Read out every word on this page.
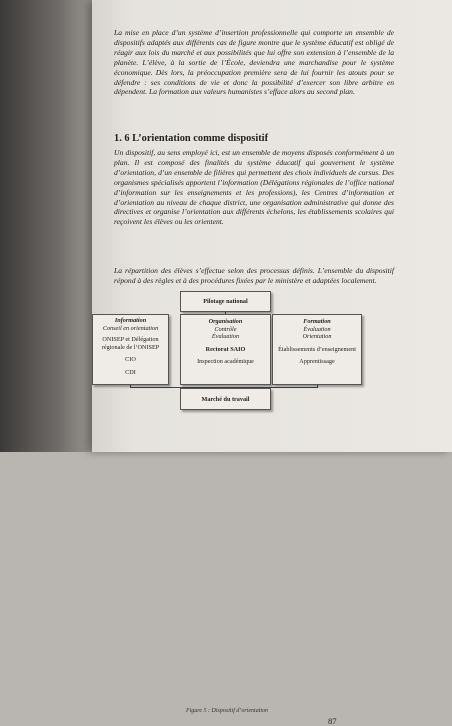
La mise en place d’un système d’insertion professionnelle qui comporte un ensemble de dispositifs adaptés aux différents cas de figure montre que le système éducatif est obligé de réagir aux lois du marché et aux possibilités que lui offre son extension à l’ensemble de la planète. L’élève, à la sortie de l’École, deviendra une marchandise pour le système économique. Dès lors, la préoccupation première sera de lui fournir les atouts pour se défendre : ses conditions de vie et donc la possibilité d’exercer son libre arbitre en dépendent. La formation aux valeurs humanistes s’efface alors au second plan.
1. 6 L’orientation comme dispositif
Un dispositif, au sens employé ici, est un ensemble de moyens disposés conformément à un plan. Il est composé des finalités du système éducatif qui gouvernent le système d’orientation, d’un ensemble de filières qui permettent des choix individuels de cursus. Des organismes spécialisés apportent l’information (Délégations régionales de l’office national d’information sur les enseignements et les professions), les Centres d’information et d’orientation au niveau de chaque district, une organisation administrative qui donne des directives et organise l’orientation aux différents échelons, les établissements scolaires qui reçoivent les élèves ou les orientent.
La répartition des élèves s’effectue selon des processus définis. L’ensemble du dispositif répond à des règles et à des procédures fixées par le ministère et adaptées localement.
Pilotage national
Information
Conseil en orientation
ONISEP et Délégation régionale de l’ONISEP
CIO
CDI
Organisation
Contrôle
Évaluation
Rectorat SAIO
Inspection académique
Formation
Évaluation
Orientation
Établissements d’enseignement
Apprentissage
Marché du travail
Figure 5 : Dispositif d’orientation
87
